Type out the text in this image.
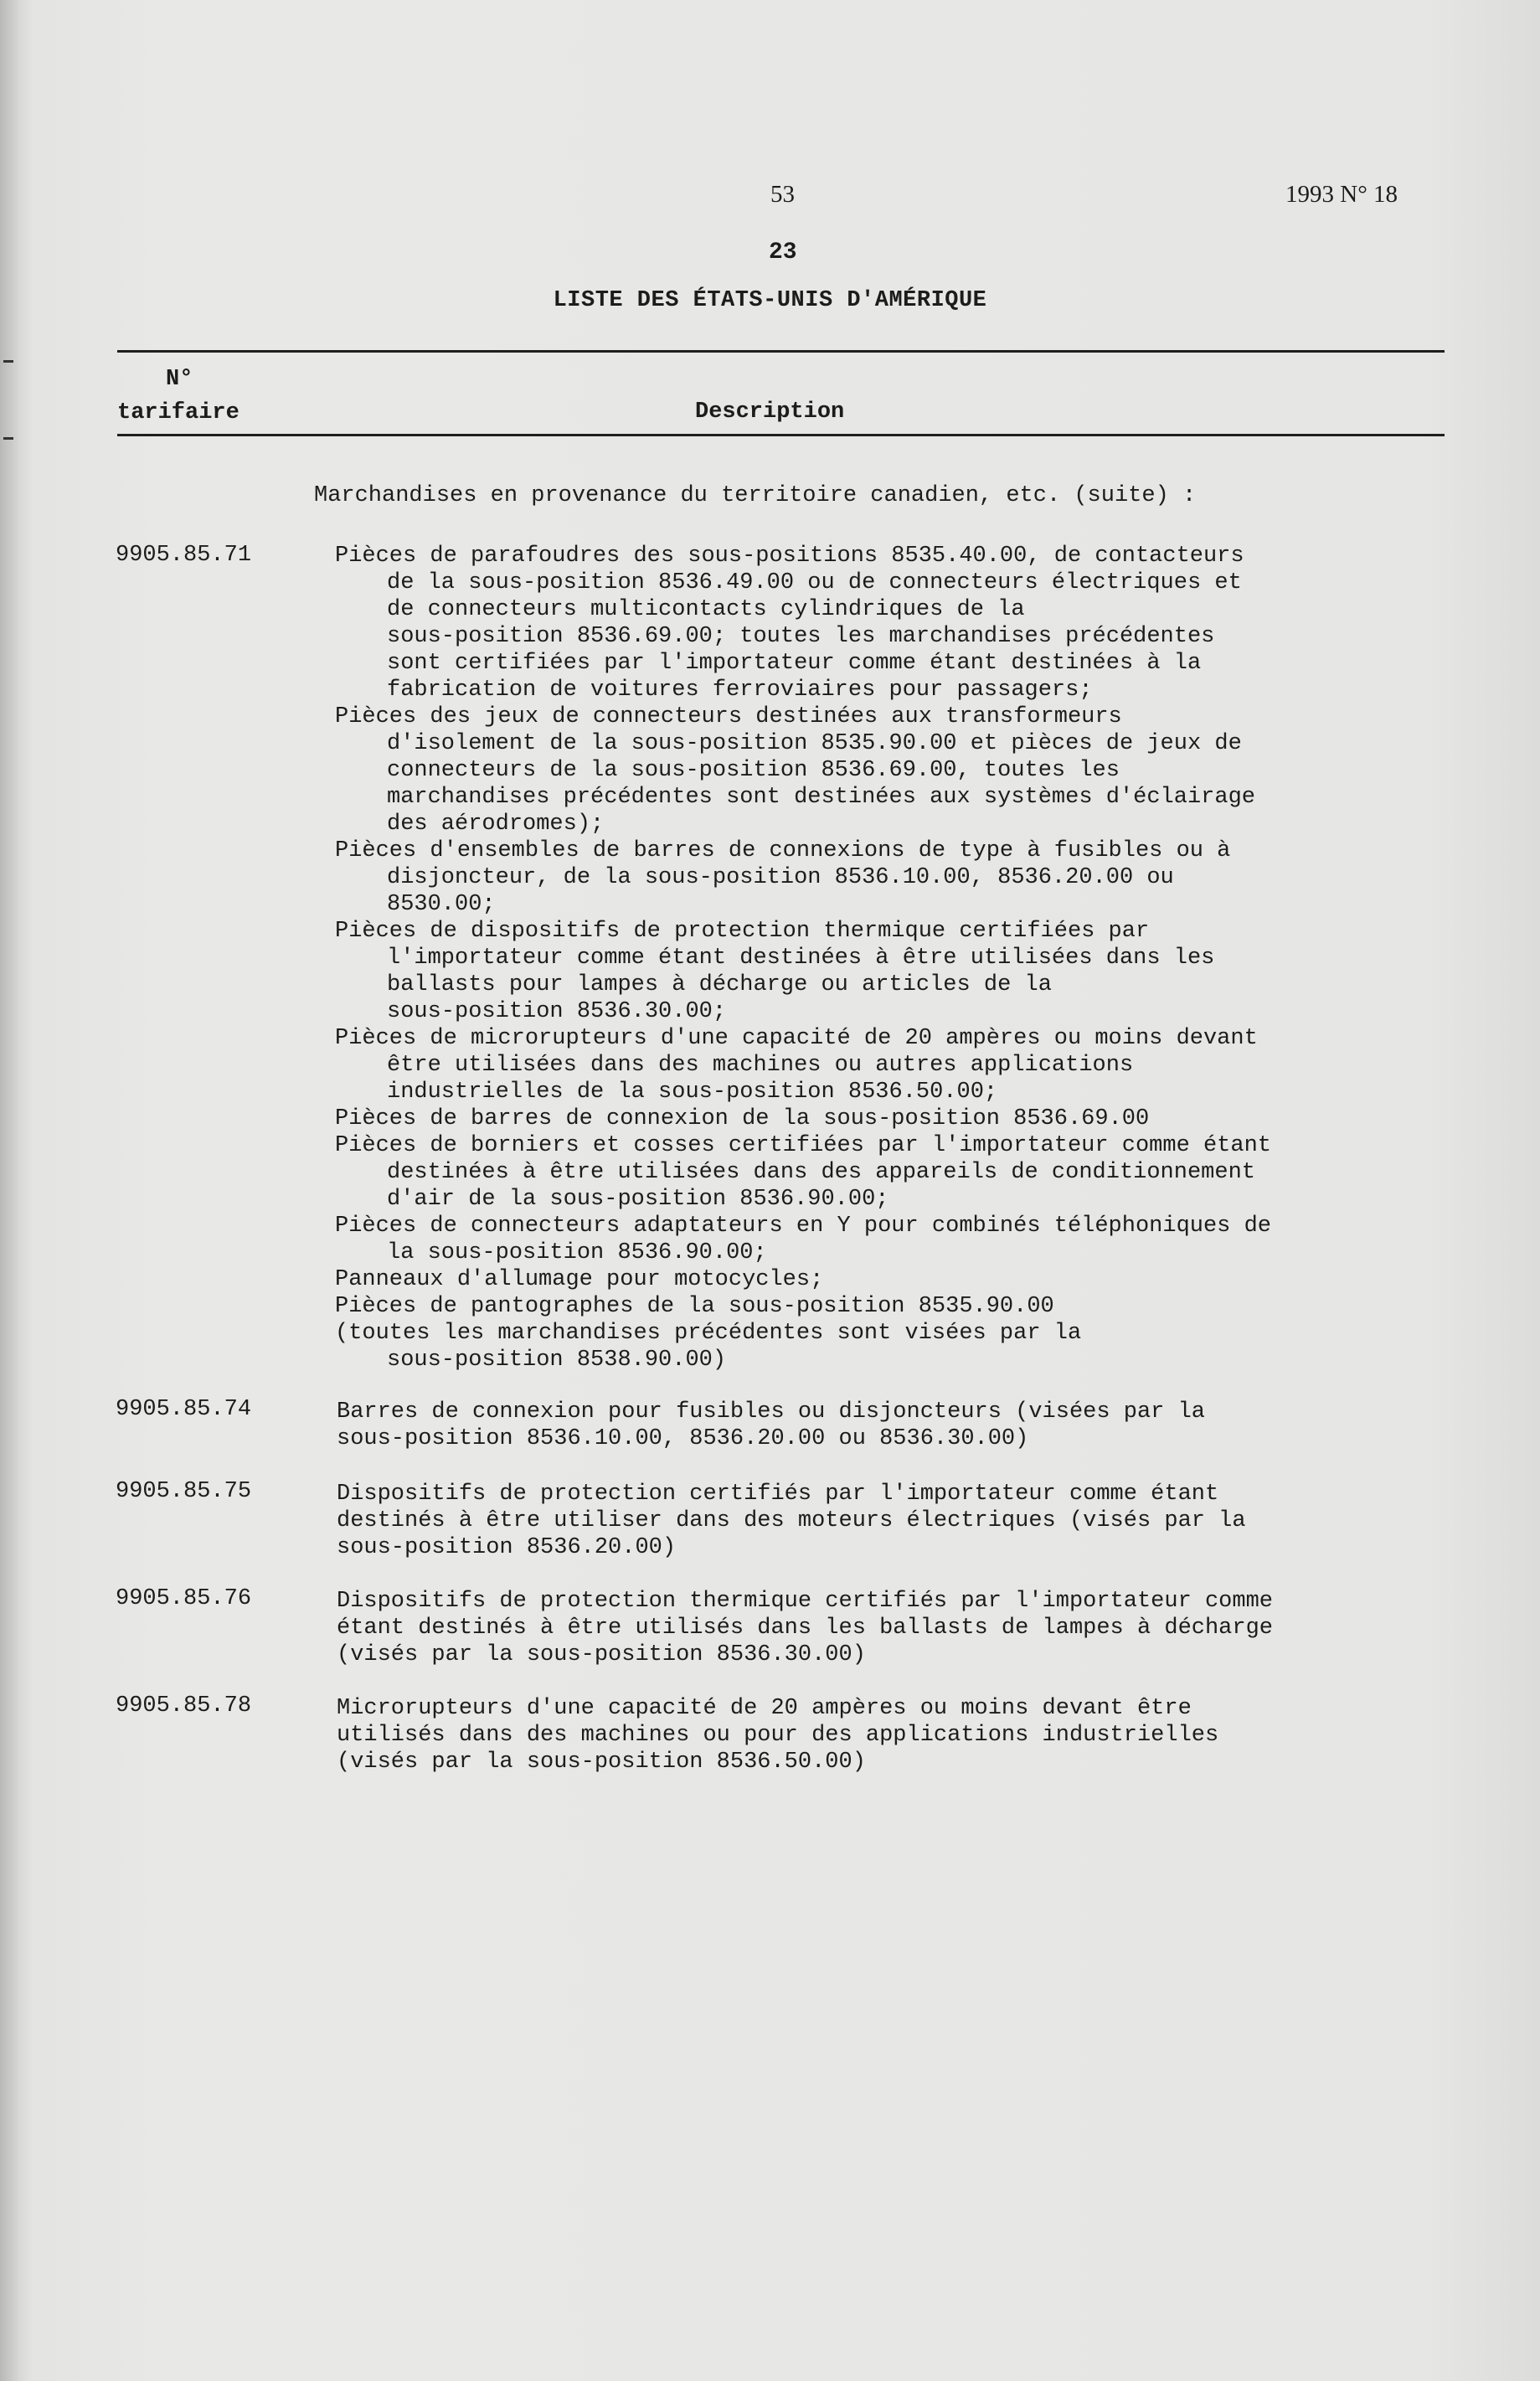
53	1993 N° 18
23
LISTE DES ÉTATS-UNIS D'AMÉRIQUE
N°
tarifaire	Description
Marchandises en provenance du territoire canadien, etc. (suite) :
9905.85.71	Pièces de parafoudres des sous-positions 8535.40.00, de contacteurs
de la sous-position 8536.49.00 ou de connecteurs électriques et
de connecteurs multicontacts cylindriques de la
sous-position 8536.69.00; toutes les marchandises précédentes
sont certifiées par l'importateur comme étant destinées à la
fabrication de voitures ferroviaires pour passagers;
Pièces des jeux de connecteurs destinées aux transformeurs
d'isolement de la sous-position 8535.90.00 et pièces de jeux de
connecteurs de la sous-position 8536.69.00, toutes les
marchandises précédentes sont destinées aux systèmes d'éclairage
des aérodromes);
Pièces d'ensembles de barres de connexions de type à fusibles ou à
disjoncteur, de la sous-position 8536.10.00, 8536.20.00 ou
8530.00;
Pièces de dispositifs de protection thermique certifiées par
l'importateur comme étant destinées à être utilisées dans les
ballasts pour lampes à décharge ou articles de la
sous-position 8536.30.00;
Pièces de microrupteurs d'une capacité de 20 ampères ou moins devant
être utilisées dans des machines ou autres applications
industrielles de la sous-position 8536.50.00;
Pièces de barres de connexion de la sous-position 8536.69.00
Pièces de borniers et cosses certifiées par l'importateur comme étant
destinées à être utilisées dans des appareils de conditionnement
d'air de la sous-position 8536.90.00;
Pièces de connecteurs adaptateurs en Y pour combinés téléphoniques de
la sous-position 8536.90.00;
Panneaux d'allumage pour motocycles;
Pièces de pantographes de la sous-position 8535.90.00
(toutes les marchandises précédentes sont visées par la
sous-position 8538.90.00)
9905.85.74	Barres de connexion pour fusibles ou disjoncteurs (visées par la
sous-position 8536.10.00, 8536.20.00 ou 8536.30.00)
9905.85.75	Dispositifs de protection certifiés par l'importateur comme étant
destinés à être utiliser dans des moteurs électriques (visés par la
sous-position 8536.20.00)
9905.85.76	Dispositifs de protection thermique certifiés par l'importateur comme
étant destinés à être utilisés dans les ballasts de lampes à décharge
(visés par la sous-position 8536.30.00)
9905.85.78	Microrupteurs d'une capacité de 20 ampères ou moins devant être
utilisés dans des machines ou pour des applications industrielles
(visés par la sous-position 8536.50.00)
